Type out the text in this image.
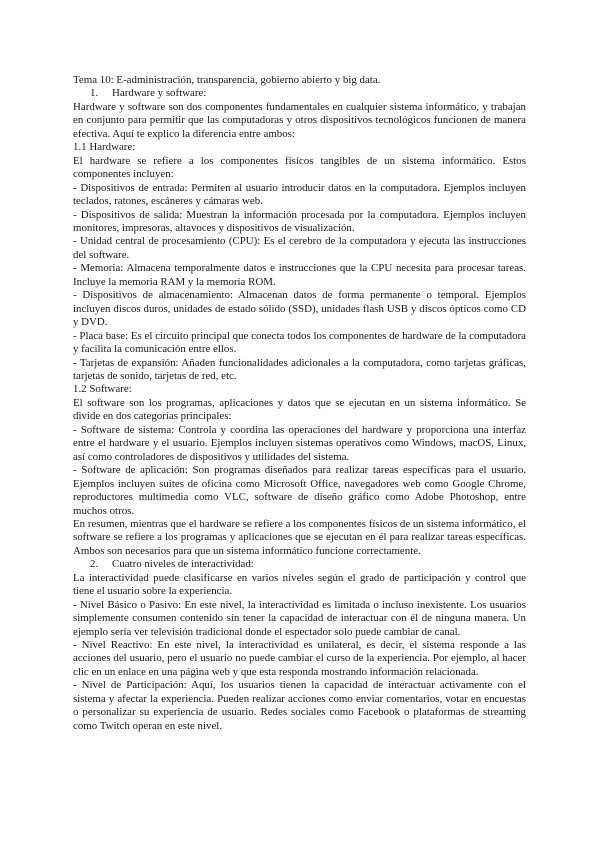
Tema 10: E-administración, transparencia, gobierno abierto y big data.

1. Hardware y software:

Hardware y software son dos componentes fundamentales en cualquier sistema informático, y trabajan en conjunto para permitir que las computadoras y otros dispositivos tecnológicos funcionen de manera efectiva. Aquí te explico la diferencia entre ambos:

1.1 Hardware:

El hardware se refiere a los componentes físicos tangibles de un sistema informático. Estos componentes incluyen:

- Dispositivos de entrada: Permiten al usuario introducir datos en la computadora. Ejemplos incluyen teclados, ratones, escáneres y cámaras web.

- Dispositivos de salida: Muestran la información procesada por la computadora. Ejemplos incluyen monitores, impresoras, altavoces y dispositivos de visualización.

- Unidad central de procesamiento (CPU): Es el cerebro de la computadora y ejecuta las instrucciones del software.

- Memoria: Almacena temporalmente datos e instrucciones que la CPU necesita para procesar tareas. Incluye la memoria RAM y la memoria ROM.

- Dispositivos de almacenamiento: Almacenan datos de forma permanente o temporal. Ejemplos incluyen discos duros, unidades de estado sólido (SSD), unidades flash USB y discos ópticos como CD y DVD.

- Placa base: Es el circuito principal que conecta todos los componentes de hardware de la computadora y facilita la comunicación entre ellos.

- Tarjetas de expansión: Añaden funcionalidades adicionales a la computadora, como tarjetas gráficas, tarjetas de sonido, tarjetas de red, etc.

1.2 Software:

El software son los programas, aplicaciones y datos que se ejecutan en un sistema informático. Se divide en dos categorías principales:

- Software de sistema: Controla y coordina las operaciones del hardware y proporciona una interfaz entre el hardware y el usuario. Ejemplos incluyen sistemas operativos como Windows, macOS, Linux, así como controladores de dispositivos y utilidades del sistema.

- Software de aplicación: Son programas diseñados para realizar tareas específicas para el usuario. Ejemplos incluyen suites de oficina como Microsoft Office, navegadores web como Google Chrome, reproductores multimedia como VLC, software de diseño gráfico como Adobe Photoshop, entre muchos otros.

En resumen, mientras que el hardware se refiere a los componentes físicos de un sistema informático, el software se refiere a los programas y aplicaciones que se ejecutan en él para realizar tareas específicas. Ambos son necesarios para que un sistema informático funcione correctamente.

2. Cuatro niveles de interactividad:

La interactividad puede clasificarse en varios niveles según el grado de participación y control que tiene el usuario sobre la experiencia.

- Nivel Básico o Pasivo: En este nivel, la interactividad es limitada o incluso inexistente. Los usuarios simplemente consumen contenido sin tener la capacidad de interactuar con él de ninguna manera. Un ejemplo sería ver televisión tradicional donde el espectador solo puede cambiar de canal.

- Nivel Reactivo: En este nivel, la interactividad es unilateral, es decir, el sistema responde a las acciones del usuario, pero el usuario no puede cambiar el curso de la experiencia. Por ejemplo, al hacer clic en un enlace en una página web y que esta responda mostrando información relacionada.

- Nivel de Participación: Aquí, los usuarios tienen la capacidad de interactuar activamente con el sistema y afectar la experiencia. Pueden realizar acciones como enviar comentarios, votar en encuestas o personalizar su experiencia de usuario. Redes sociales como Facebook o plataformas de streaming como Twitch operan en este nivel.
